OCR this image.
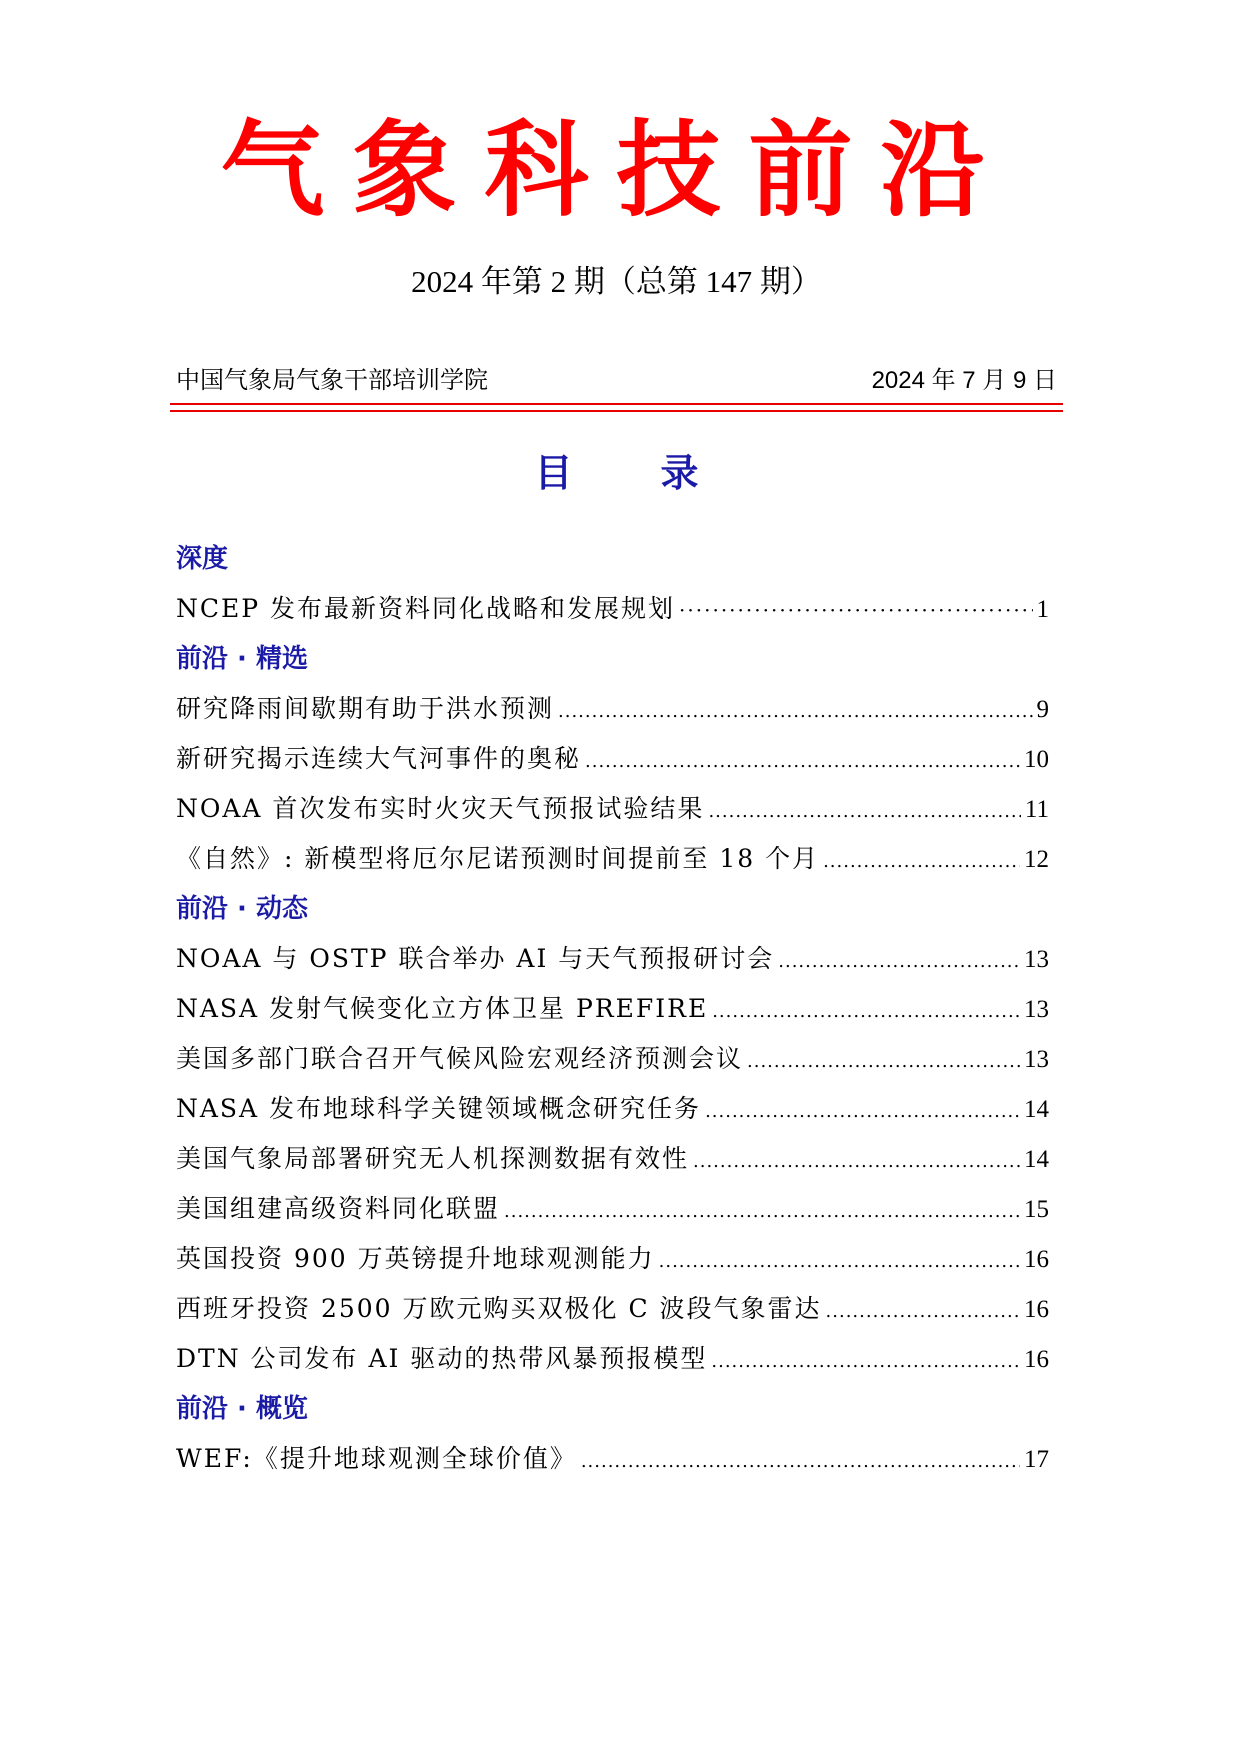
气象科技前沿
2024 年第 2 期（总第 147 期）
中国气象局气象干部培训学院	2024 年 7 月 9 日
目录
深度
NCEP 发布最新资料同化战略和发展规划 ·····	1
前沿 · 精选
研究降雨间歇期有助于洪水预测 .....	9
新研究揭示连续大气河事件的奥秘 .....	10
NOAA 首次发布实时火灾天气预报试验结果 .....	11
《自然》: 新模型将厄尔尼诺预测时间提前至 18 个月 .....	12
前沿 · 动态
NOAA 与 OSTP 联合举办 AI 与天气预报研讨会 .....	13
NASA 发射气候变化立方体卫星 PREFIRE .....	13
美国多部门联合召开气候风险宏观经济预测会议 .....	13
NASA 发布地球科学关键领域概念研究任务 .....	14
美国气象局部署研究无人机探测数据有效性 .....	14
美国组建高级资料同化联盟 .....	15
英国投资 900 万英镑提升地球观测能力 .....	16
西班牙投资 2500 万欧元购买双极化 C 波段气象雷达 .....	16
DTN 公司发布 AI 驱动的热带风暴预报模型 .....	16
前沿 · 概览
WEF:《提升地球观测全球价值》 .....	17
